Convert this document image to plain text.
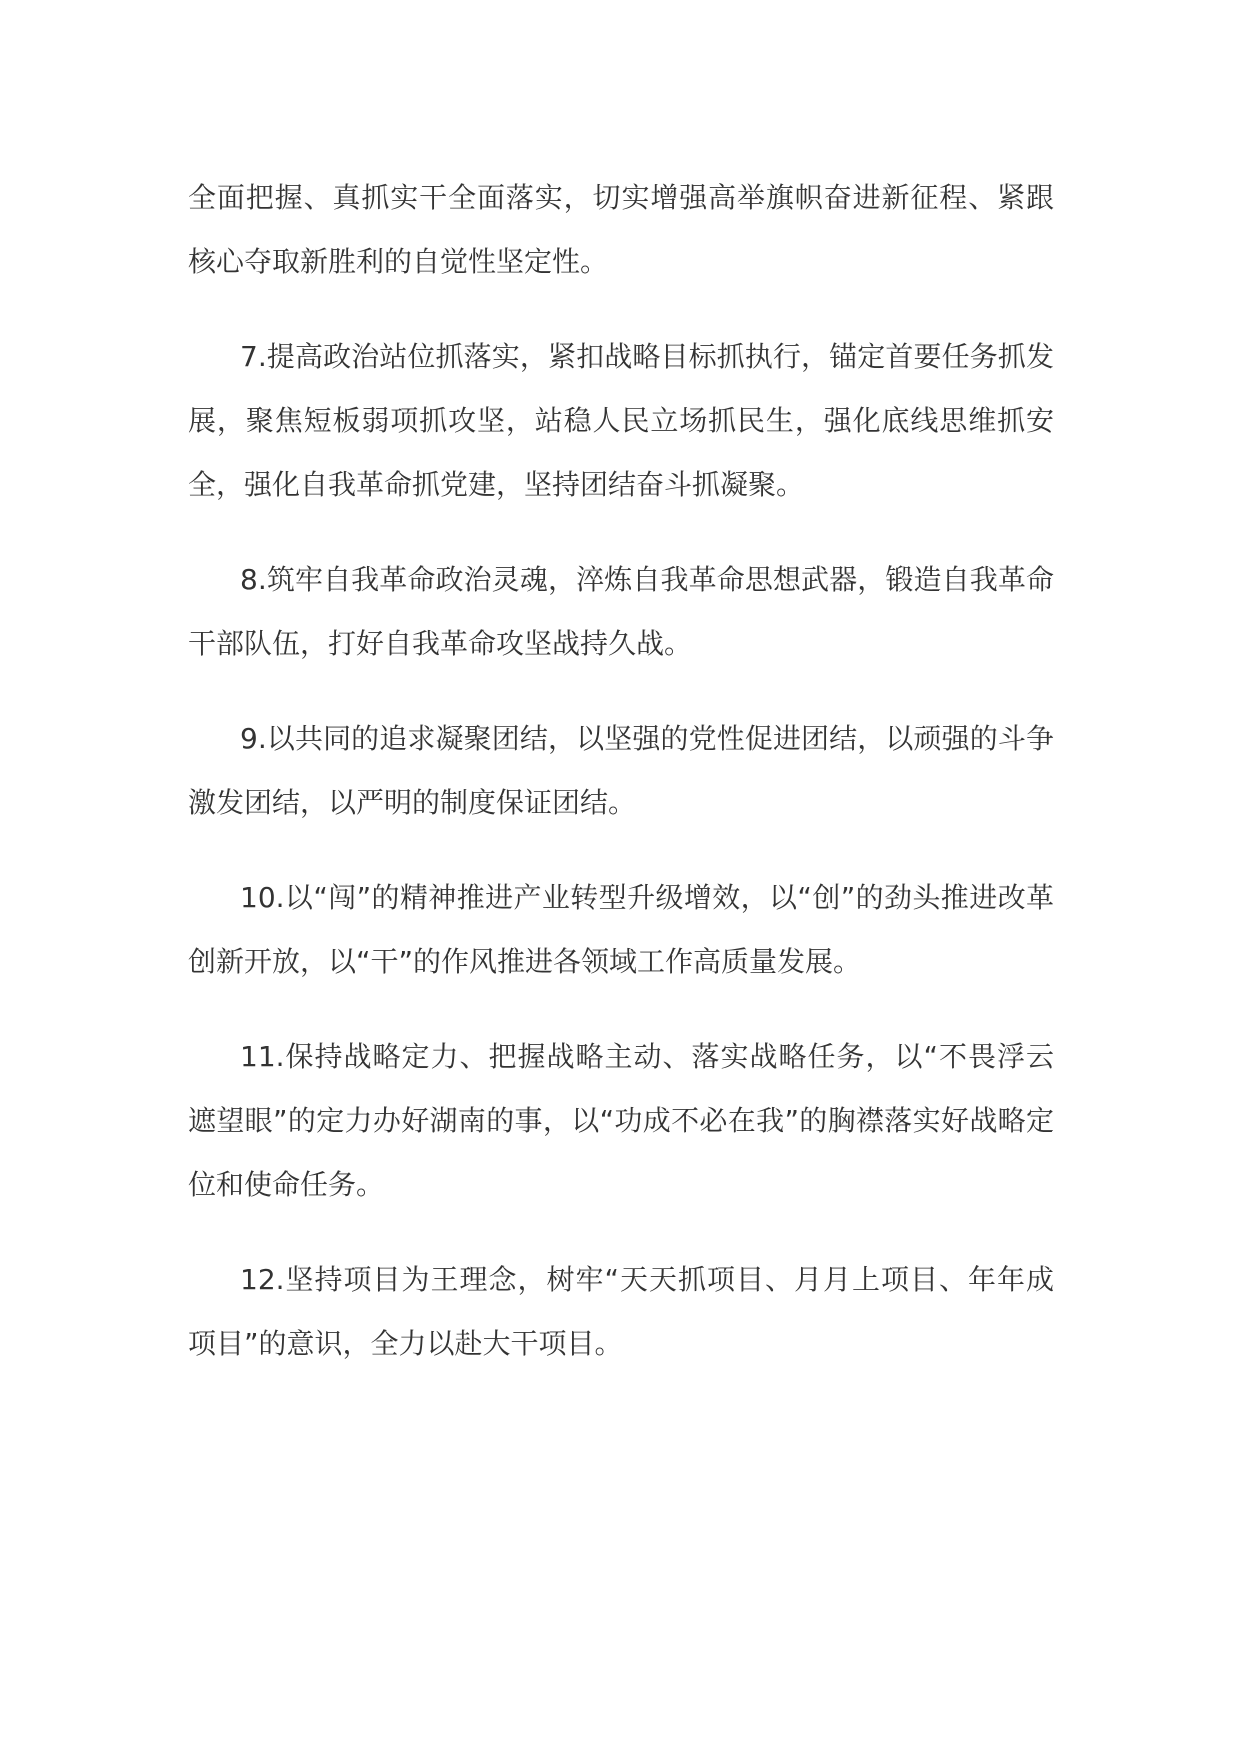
全面把握、真抓实干全面落实，切实增强高举旗帜奋进新征程、紧跟核心夺取新胜利的自觉性坚定性。

7.提高政治站位抓落实，紧扣战略目标抓执行，锚定首要任务抓发展，聚焦短板弱项抓攻坚，站稳人民立场抓民生，强化底线思维抓安全，强化自我革命抓党建，坚持团结奋斗抓凝聚。

8.筑牢自我革命政治灵魂，淬炼自我革命思想武器，锻造自我革命干部队伍，打好自我革命攻坚战持久战。

9.以共同的追求凝聚团结，以坚强的党性促进团结，以顽强的斗争激发团结，以严明的制度保证团结。

10.以“闯”的精神推进产业转型升级增效，以“创”的劲头推进改革创新开放，以“干”的作风推进各领域工作高质量发展。

11.保持战略定力、把握战略主动、落实战略任务，以“不畏浮云遮望眼”的定力办好湖南的事，以“功成不必在我”的胸襟落实好战略定位和使命任务。

12.坚持项目为王理念，树牢“天天抓项目、月月上项目、年年成项目”的意识，全力以赴大干项目。
